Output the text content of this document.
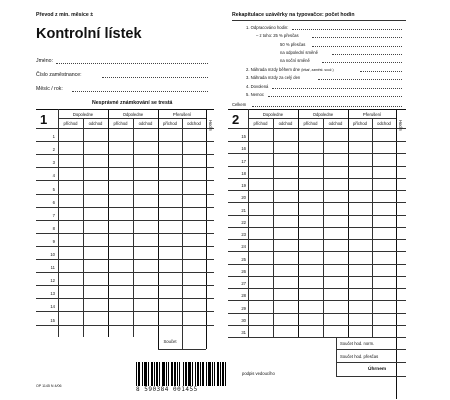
Převod z min. měsíce ±
Kontrolní lístek
Jméno:
Číslo zaměstnance:
Měsíc / rok:
Nesprávné známkování se trestá
Rekapitulace uzávěrky na typovačce: počet hodin
1. Odpracováno hodin:
– z toho: 25 % přesčas
50 % přesčas
na odpolední směně
na noční směně
2. Náhrada mzdy během dne (lékař, zaměst. souž.)
3. Náhrada mzdy za celý den
4. Dovolená
5. Nemoc
Celkem
1	Dopoledne	Odpoledne	Přerušení
příchod	odchod	příchod	odchod	příchod	odchod	Hodin
1
2
3
4
5
6
7
8
9
10
11
12
13
14
15
Součet
2	Dopoledne	Odpoledne	Přerušení
příchod	odchod	příchod	odchod	příchod	odchod	Hodin
15
16
17
18
19
20
21
22
23
24
25
26
27
28
29
30
31
Součet hod. norm.
Součet hod. přesčas
Úhrnem
OP 1145 N 4/06	8 590384 001455
podpis vedoucího
